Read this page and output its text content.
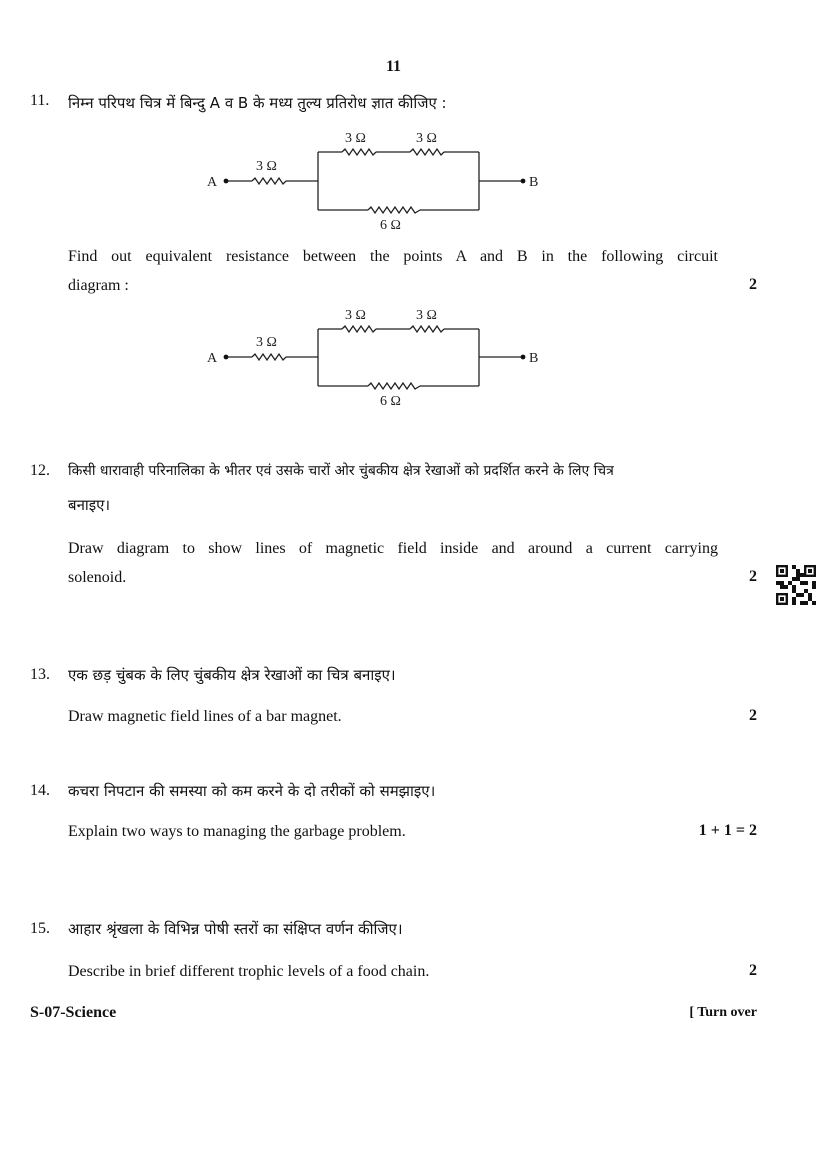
11
11. निम्न परिपथ चित्र में बिन्दु A व B के मध्य तुल्य प्रतिरोध ज्ञात कीजिए :
A	B
3 Ω
3 Ω	3 Ω
6 Ω
Find out equivalent resistance between the points A and B in the following circuit
diagram :	2
A	B
3 Ω
3 Ω	3 Ω
6 Ω
12. किसी धारावाही परिनालिका के भीतर एवं उसके चारों ओर चुंबकीय क्षेत्र रेखाओं को प्रदर्शित करने के लिए चित्र
बनाइए।
Draw diagram to show lines of magnetic field inside and around a current carrying
solenoid.	2
13. एक छड़ चुंबक के लिए चुंबकीय क्षेत्र रेखाओं का चित्र बनाइए।
Draw magnetic field lines of a bar magnet.	2
14. कचरा निपटान की समस्या को कम करने के दो तरीकों को समझाइए।
Explain two ways to managing the garbage problem.	1 + 1 = 2
15. आहार श्रृंखला के विभिन्न पोषी स्तरों का संक्षिप्त वर्णन कीजिए।
Describe in brief different trophic levels of a food chain.	2
S-07-Science	[ Turn over
